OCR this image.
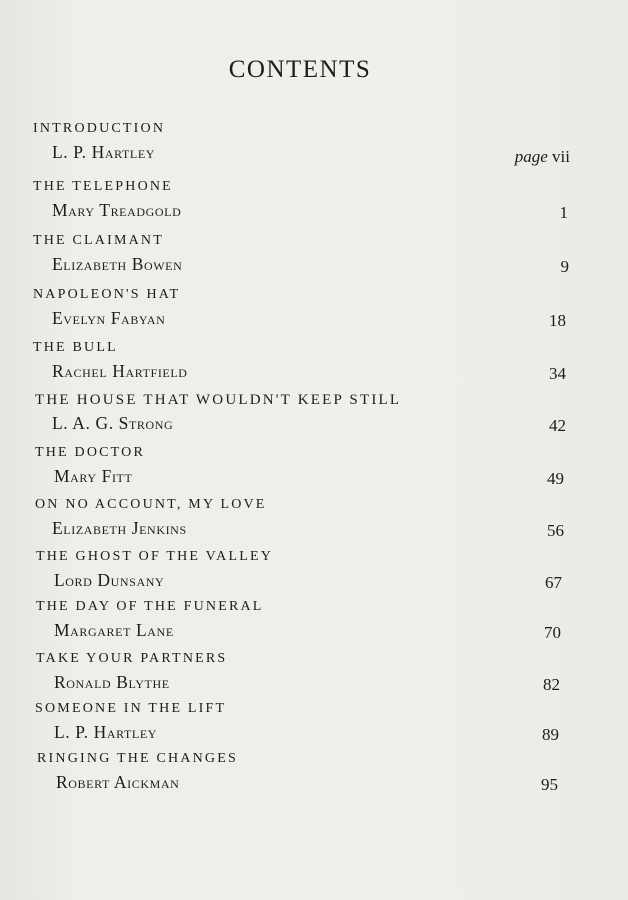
CONTENTS
INTRODUCTION
L. P. Hartley	page vii
THE TELEPHONE
Mary Treadgold	1
THE CLAIMANT
Elizabeth Bowen	9
NAPOLEON'S HAT
Evelyn Fabyan	18
THE BULL
Rachel Hartfield	34
THE HOUSE THAT WOULDN'T KEEP STILL
L. A. G. Strong	42
THE DOCTOR
Mary Fitt	49
ON NO ACCOUNT, MY LOVE
Elizabeth Jenkins	56
THE GHOST OF THE VALLEY
Lord Dunsany	67
THE DAY OF THE FUNERAL
Margaret Lane	70
TAKE YOUR PARTNERS
Ronald Blythe	82
SOMEONE IN THE LIFT
L. P. Hartley	89
RINGING THE CHANGES
Robert Aickman	95
